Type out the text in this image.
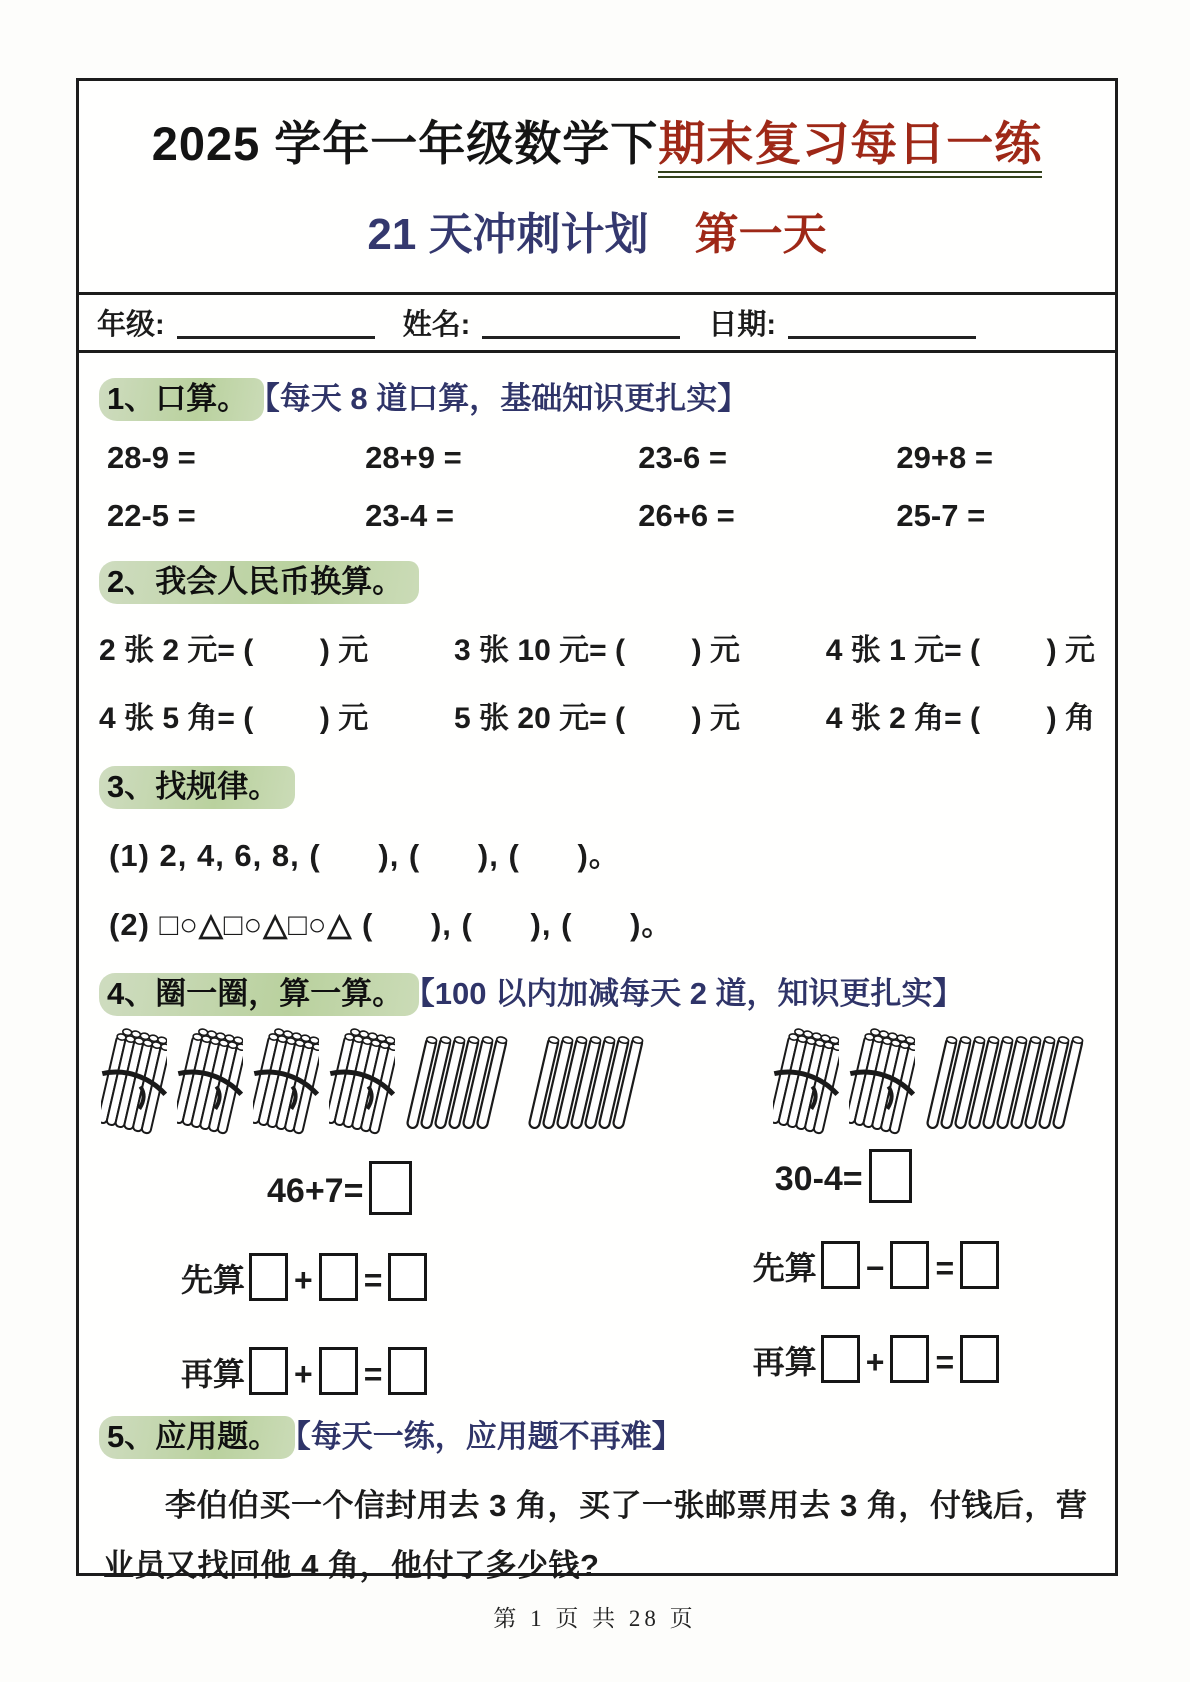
2025 学年一年级数学下期末复习每日一练
21 天冲刺计划 第一天
年级:	姓名:	日期:
1、口算。 【每天 8 道口算，基础知识更扎实】
28-9 =	28+9 =	23-6 =	29+8 =
22-5 =	23-4 =	26+6 =	25-7 =
2、我会人民币换算。
2 张 2 元= (        ) 元	3 张 10 元= (        ) 元	4 张 1 元= (        ) 元
4 张 5 角= (        ) 元	5 张 20 元= (        ) 元	4 张 2 角= (        ) 角
3、找规律。
(1) 2, 4, 6, 8, (      ), (      ), (      )。
(2) □○△□○△□○△ (      ), (      ), (      )。
4、圈一圈，算一算。 【100 以内加减每天 2 道，知识更扎实】
46+7=
先算 + =
再算 + =
30-4=
先算 − =
再算 + =
5、应用题。 【每天一练，应用题不再难】
李伯伯买一个信封用去 3 角，买了一张邮票用去 3 角，付钱后，营业员又找回他 4 角，他付了多少钱?
第 1 页 共 28 页
